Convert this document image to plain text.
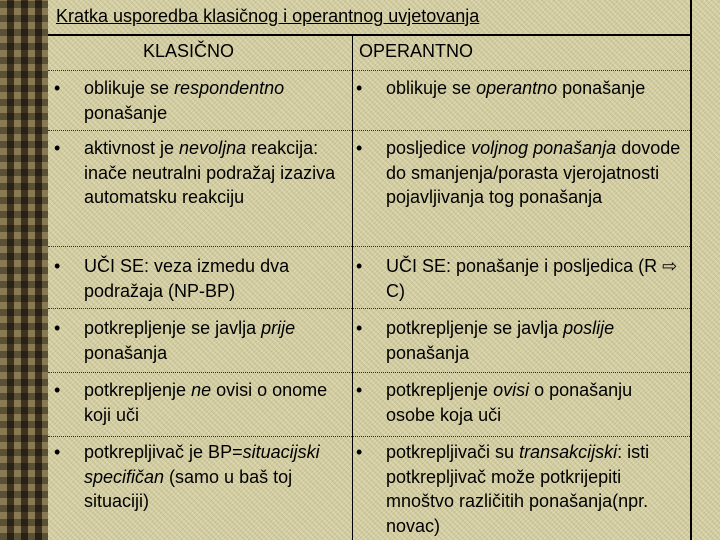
Kratka usporedba klasičnog i operantnog uvjetovanja
KLASIČNO	OPERANTNO
• oblikuje se respondentno ponašanje
• oblikuje se operantno ponašanje
• aktivnost je nevoljna reakcija: inače neutralni podražaj izaziva automatsku reakciju
• posljedice voljnog ponašanja dovode do smanjenja/porasta vjerojatnosti pojavljivanja tog ponašanja
• UČI SE: veza izmedu dva podražaja (NP-BP)
• UČI SE: ponašanje i posljedica (R ⇨ C)
• potkrepljenje se javlja prije ponašanja
• potkrepljenje se javlja poslije ponašanja
• potkrepljenje ne ovisi o onome koji uči
• potkrepljenje ovisi o ponašanju osobe koja uči
• potkrepljivač je BP=situacijski specifičan (samo u baš toj situaciji)
• potkrepljivači su transakcijski: isti potkrepljivač može potkrijepiti mnoštvo različitih ponašanja(npr. novac)
